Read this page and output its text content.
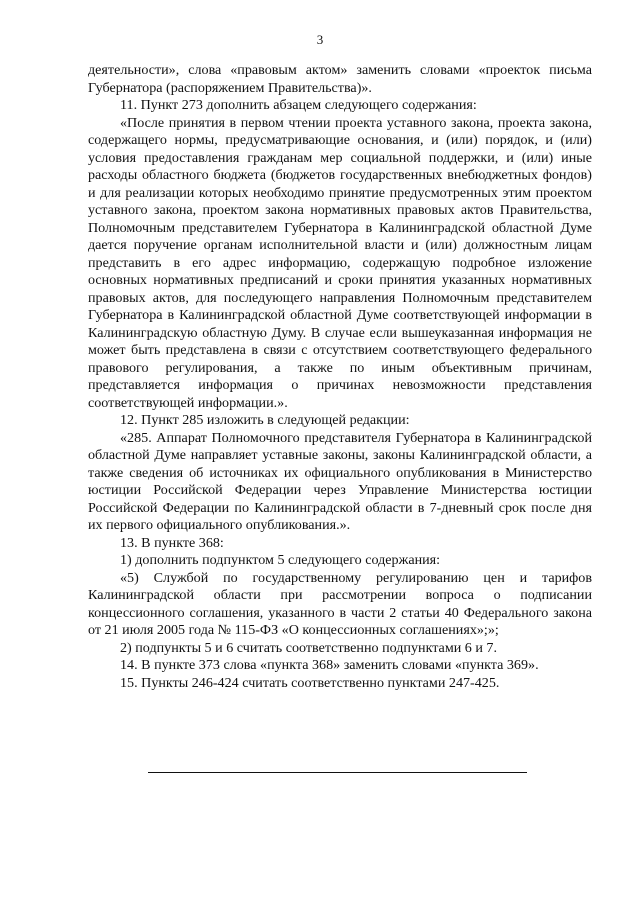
3

деятельности», слова «правовым актом» заменить словами «проекток письма Губернатора (распоряжением Правительства)».

11. Пункт 273 дополнить абзацем следующего содержания:

«После принятия в первом чтении проекта уставного закона, проекта закона, содержащего нормы, предусматривающие основания, и (или) порядок, и (или) условия предоставления гражданам мер социальной поддержки, и (или) иные расходы областного бюджета (бюджетов государственных внебюджетных фондов) и для реализации которых необходимо принятие предусмотренных этим проектом уставного закона, проектом закона нормативных правовых актов Правительства, Полномочным представителем Губернатора в Калининградской областной Думе дается поручение органам исполнительной власти и (или) должностным лицам представить в его адрес информацию, содержащую подробное изложение основных нормативных предписаний и сроки принятия указанных нормативных правовых актов, для последующего направления Полномочным представителем Губернатора в Калининградской областной Думе соответствующей информации в Калининградскую областную Думу. В случае если вышеуказанная информация не может быть представлена в связи с отсутствием соответствующего федерального правового регулирования, а также по иным объективным причинам, представляется информация о причинах невозможности представления соответствующей информации.».

12. Пункт 285 изложить в следующей редакции:

«285. Аппарат Полномочного представителя Губернатора в Калининградской областной Думе направляет уставные законы, законы Калининградской области, а также сведения об источниках их официального опубликования в Министерство юстиции Российской Федерации через Управление Министерства юстиции Российской Федерации по Калининградской области в 7-дневный срок после дня их первого официального опубликования.».

13. В пункте 368:

1) дополнить подпунктом 5 следующего содержания:

«5) Службой по государственному регулированию цен и тарифов Калининградской области при рассмотрении вопроса о подписании концессионного соглашения, указанного в части 2 статьи 40 Федерального закона от 21 июля 2005 года № 115-ФЗ «О концессионных соглашениях»;»;

2) подпункты 5 и 6 считать соответственно подпунктами 6 и 7.

14. В пункте 373 слова «пункта 368» заменить словами «пункта 369».

15. Пункты 246-424 считать соответственно пунктами 247-425.
